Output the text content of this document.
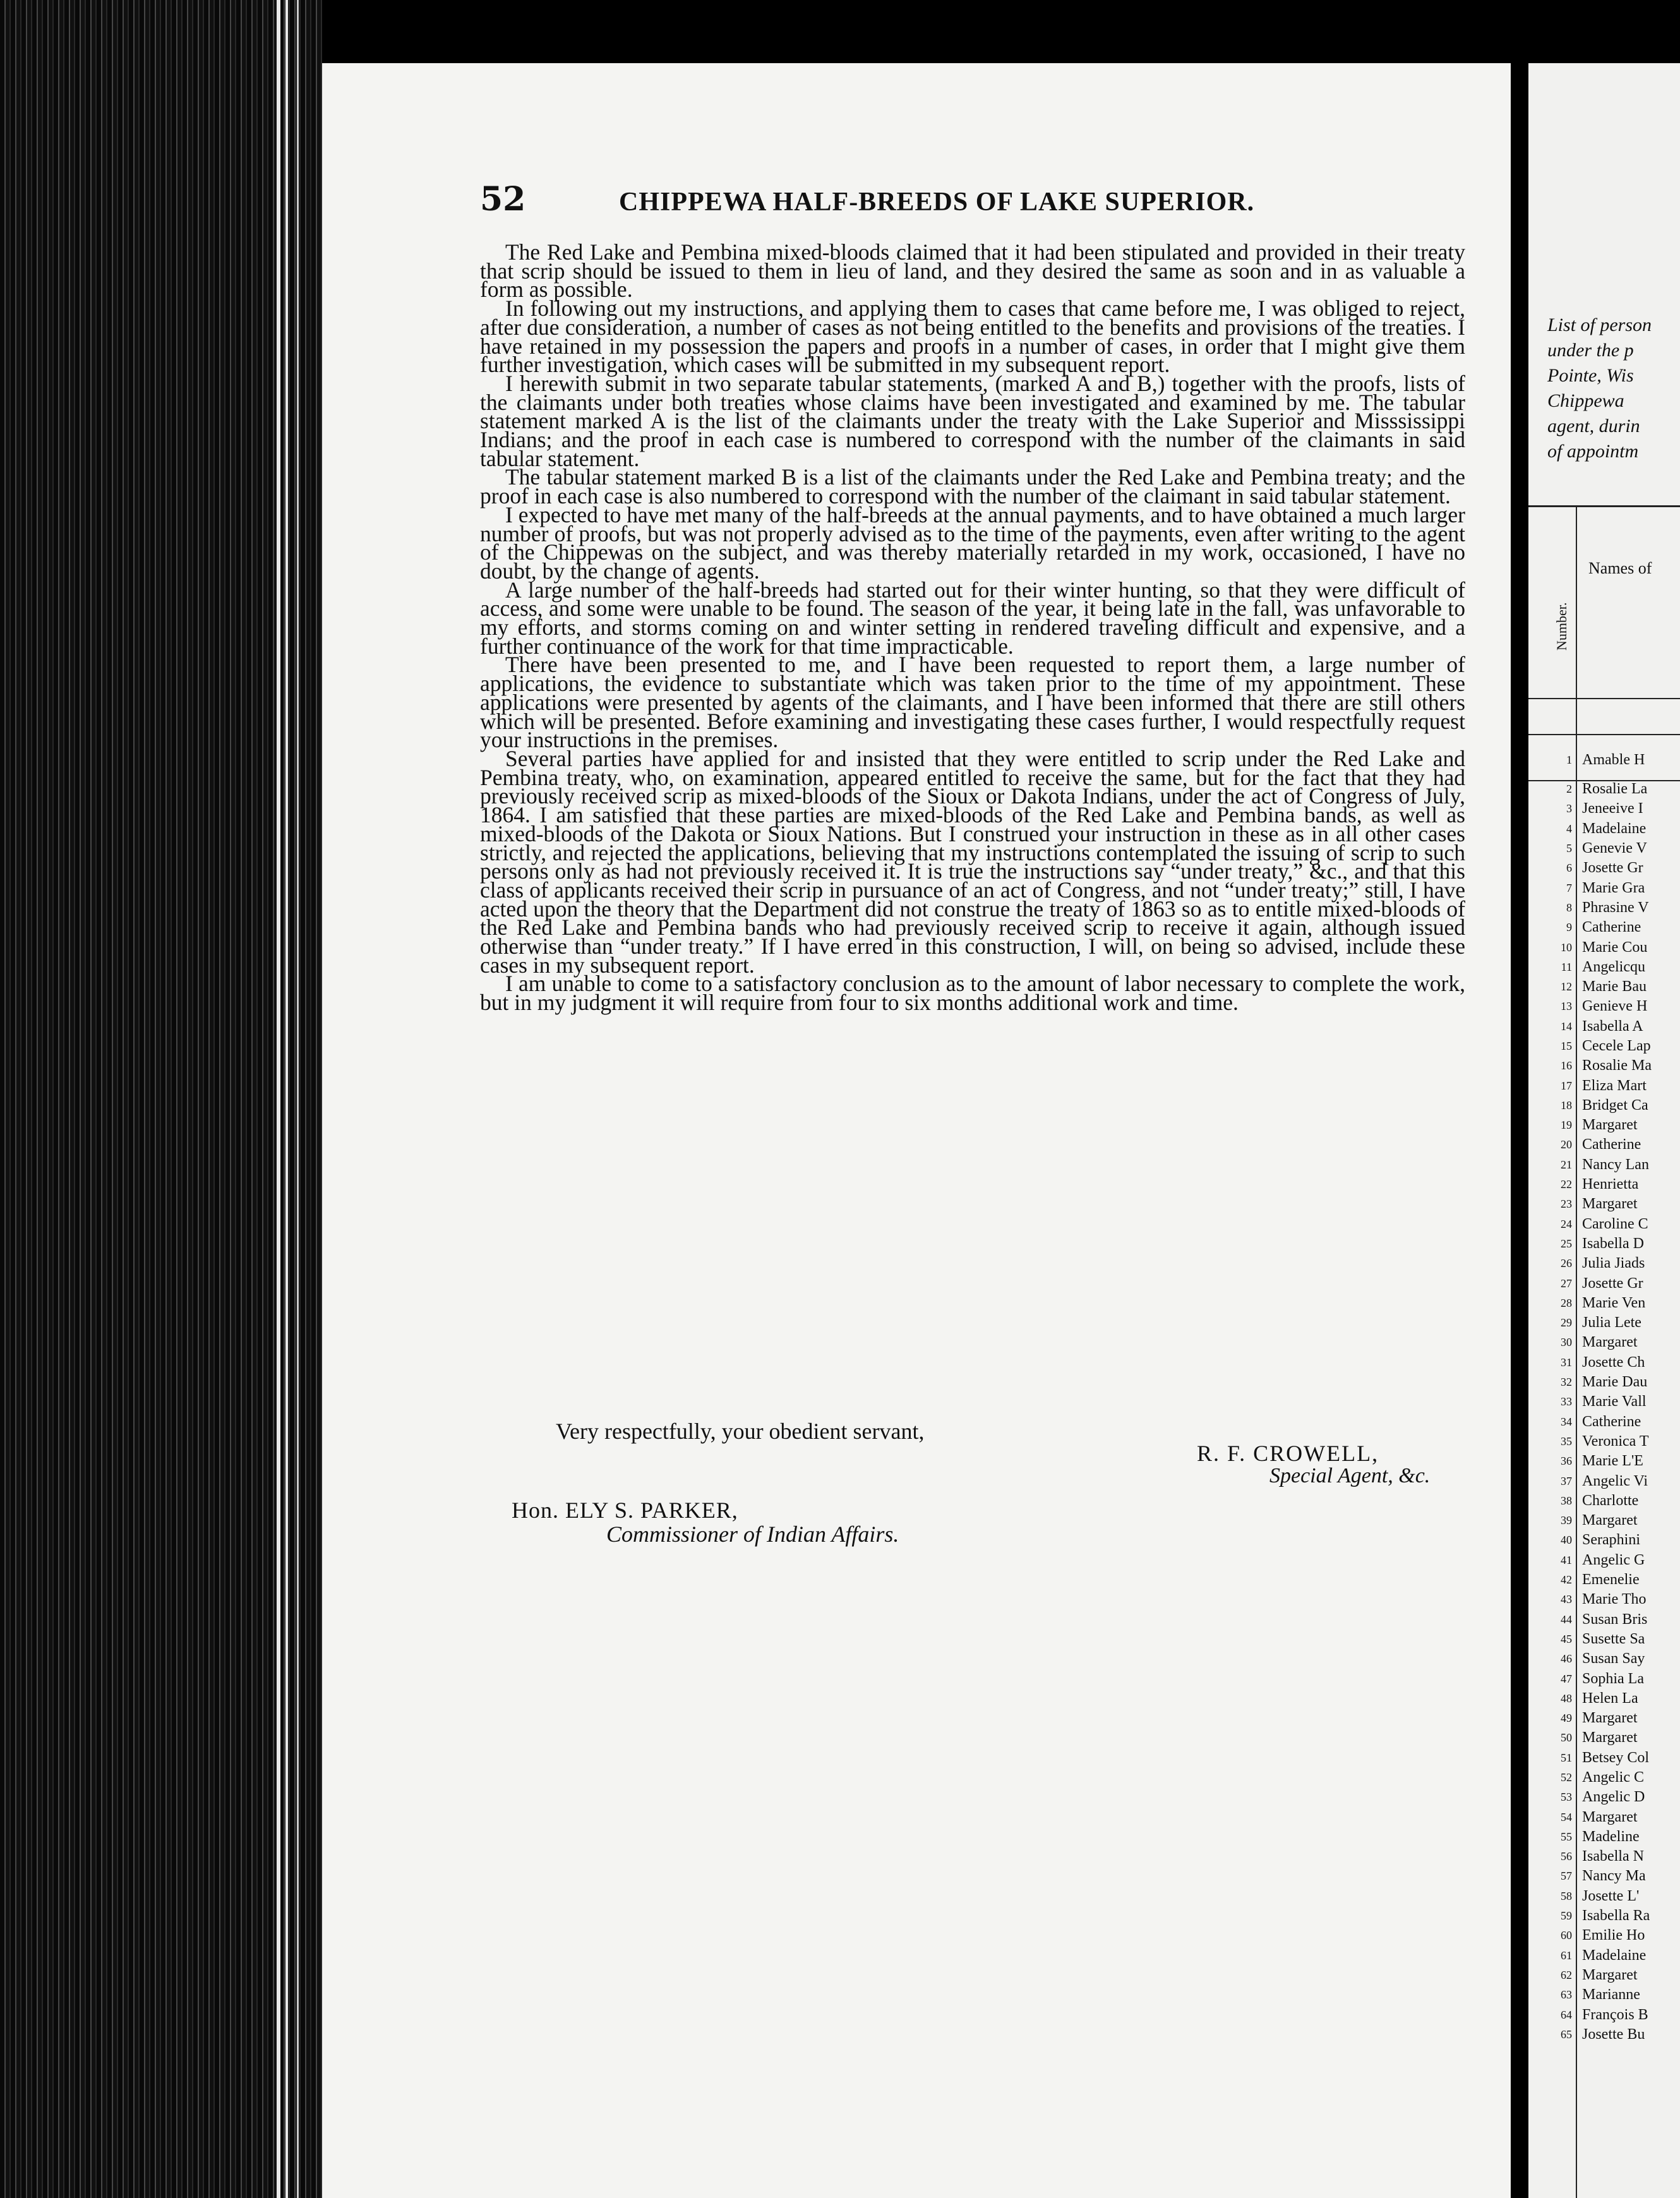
52	CHIPPEWA HALF-BREEDS OF LAKE SUPERIOR.

The Red Lake and Pembina mixed-bloods claimed that it had been stipulated and provided in their treaty that scrip should be issued to them in lieu of land, and they desired the same as soon and in as valuable a form as possible.

In following out my instructions, and applying them to cases that came before me, I was obliged to reject, after due consideration, a number of cases as not being entitled to the benefits and provisions of the treaties. I have retained in my possession the papers and proofs in a number of cases, in order that I might give them further investigation, which cases will be submitted in my subsequent report.

I herewith submit in two separate tabular statements, (marked A and B,) together with the proofs, lists of the claimants under both treaties whose claims have been investigated and examined by me. The tabular statement marked A is the list of the claimants under the treaty with the Lake Superior and Misssissippi Indians; and the proof in each case is numbered to correspond with the number of the claimants in said tabular statement.

The tabular statement marked B is a list of the claimants under the Red Lake and Pembina treaty; and the proof in each case is also numbered to correspond with the number of the claimant in said tabular statement.

I expected to have met many of the half-breeds at the annual payments, and to have obtained a much larger number of proofs, but was not properly advised as to the time of the payments, even after writing to the agent of the Chippewas on the subject, and was thereby materially retarded in my work, occasioned, I have no doubt, by the change of agents.

A large number of the half-breeds had started out for their winter hunting, so that they were difficult of access, and some were unable to be found. The season of the year, it being late in the fall, was unfavorable to my efforts, and storms coming on and winter setting in rendered traveling difficult and expensive, and a further continuance of the work for that time impracticable.

There have been presented to me, and I have been requested to report them, a large number of applications, the evidence to substantiate which was taken prior to the time of my appointment. These applications were presented by agents of the claimants, and I have been informed that there are still others which will be presented. Before examining and investigating these cases further, I would respectfully request your instructions in the premises.

Several parties have applied for and insisted that they were entitled to scrip under the Red Lake and Pembina treaty, who, on examination, appeared entitled to receive the same, but for the fact that they had previously received scrip as mixed-bloods of the Sioux or Dakota Indians, under the act of Congress of July, 1864. I am satisfied that these parties are mixed-bloods of the Red Lake and Pembina bands, as well as mixed-bloods of the Dakota or Sioux Nations. But I construed your instruction in these as in all other cases strictly, and rejected the applications, believing that my instructions contemplated the issuing of scrip to such persons only as had not previously received it. It is true the instructions say “under treaty,” &c., and that this class of applicants received their scrip in pursuance of an act of Congress, and not “under treaty;” still, I have acted upon the theory that the Department did not construe the treaty of 1863 so as to entitle mixed-bloods of the Red Lake and Pembina bands who had previously received scrip to receive it again, although issued otherwise than “under treaty.” If I have erred in this construction, I will, on being so advised, include these cases in my subsequent report.

I am unable to come to a satisfactory conclusion as to the amount of labor necessary to complete the work, but in my judgment it will require from four to six months additional work and time.

Very respectfully, your obedient servant,
R. F. CROWELL,
Special Agent, &c.
Hon. ELY S. PARKER,
Commissioner of Indian Affairs.
List of person
under the p
Pointe, Wis
Chippewa
agent, durin
of appointm
Names of
Number.
1 Amable H
2 Rosalie La
3 Jeneeive I
4 Madelaine
5 Genevie V
6 Josette Gr
7 Marie Gra
8 Phrasine V
9 Catherine
10 Marie Cou
11 Angelicqu
12 Marie Bau
13 Genieve H
14 Isabella A
15 Cecele Lap
16 Rosalie Ma
17 Eliza Mart
18 Bridget Ca
19 Margaret
20 Catherine
21 Nancy Lan
22 Henrietta
23 Margaret
24 Caroline C
25 Isabella D
26 Julia Jiads
27 Josette Gr
28 Marie Ven
29 Julia Lete
30 Margaret
31 Josette Ch
32 Marie Dau
33 Marie Vall
34 Catherine
35 Veronica T
36 Marie L'E
37 Angelic Vi
38 Charlotte
39 Margaret
40 Seraphini
41 Angelic G
42 Emenelie
43 Marie Tho
44 Susan Bris
45 Susette Sa
46 Susan Say
47 Sophia La
48 Helen La
49 Margaret
50 Margaret
51 Betsey Col
52 Angelic C
53 Angelic D
54 Margaret
55 Madeline
56 Isabella N
57 Nancy Ma
58 Josette L'
59 Isabella Ra
60 Emilie Ho
61 Madelaine
62 Margaret
63 Marianne
64 François B
65 Josette Bu
